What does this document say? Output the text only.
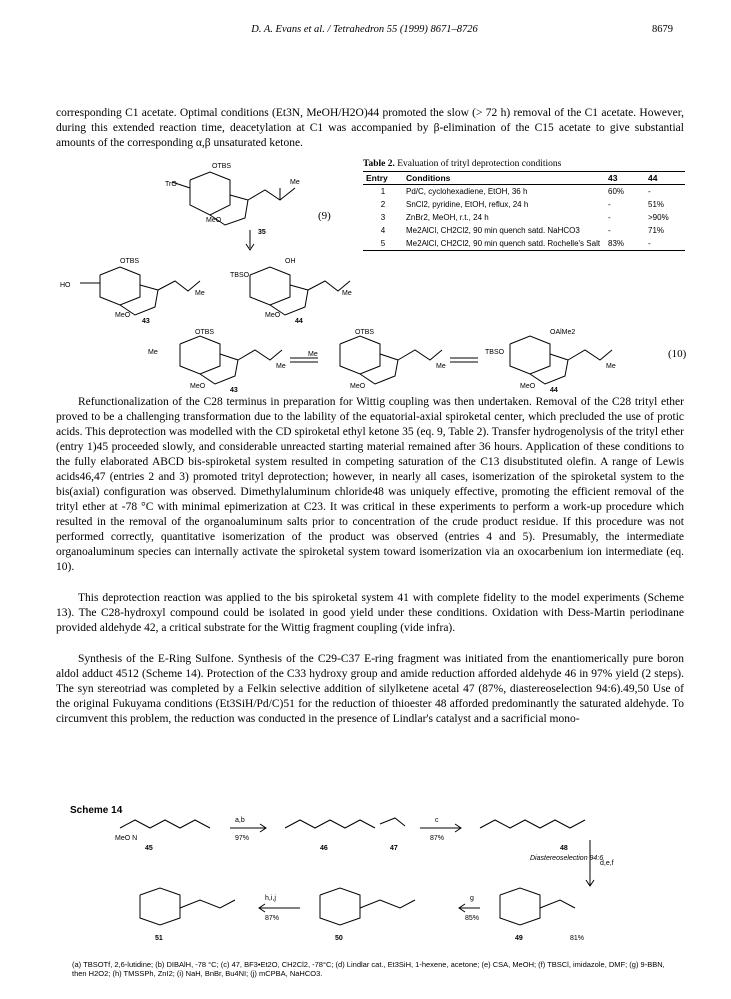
D. A. Evans et al. / Tetrahedron 55 (1999) 8671–8726	8679
corresponding C1 acetate. Optimal conditions (Et3N, MeOH/H2O)44 promoted the slow (> 72 h) removal of the C1 acetate. However, during this extended reaction time, deacetylation at C1 was accompanied by β-elimination of the C15 acetate to give substantial amounts of the corresponding α,β unsaturated ketone.
TrO
OTBS
MeO
Me
35
(9)
HO
OTBS
MeO
Me
43
TBSO
OH
MeO
Me
44
Table 2. Evaluation of trityl deprotection conditions
Entry	Conditions	43	44
1	Pd/C, cyclohexadiene, EtOH, 36 h	60%	-
2	SnCl2, pyridine, EtOH, reflux, 24 h	-	51%
3	ZnBr2, MeOH, r.t., 24 h	-	>90%
4	Me2AlCl, CH2Cl2, 90 min quench satd. NaHCO3	-	71%
5	Me2AlCl, CH2Cl2, 90 min quench satd. Rochelle's Salt	83%	-
Me
OTBS
MeO
Me
43
Me
OTBS
MeO
Me
TBSO
OAlMe2
MeO
Me
44
(10)
Refunctionalization of the C28 terminus in preparation for Wittig coupling was then undertaken. Removal of the C28 trityl ether proved to be a challenging transformation due to the lability of the equatorial-axial spiroketal center, which precluded the use of protic acids. This deprotection was modelled with the CD spiroketal ethyl ketone 35 (eq. 9, Table 2). Transfer hydrogenolysis of the trityl ether (entry 1)45 proceeded slowly, and considerable unreacted starting material remained after 36 hours. Application of these conditions to the fully elaborated ABCD bis-spiroketal system resulted in competing saturation of the C13 disubstituted olefin. A range of Lewis acids46,47 (entries 2 and 3) promoted trityl deprotection; however, in nearly all cases, isomerization of the spiroketal system to the bis(axial) configuration was observed. Dimethylaluminum chloride48 was uniquely effective, promoting the efficient removal of the trityl ether at -78 °C with minimal epimerization at C23. It was critical in these experiments to perform a work-up procedure which resulted in the removal of the organoaluminum salts prior to concentration of the crude product residue. If this procedure was not performed correctly, quantitative isomerization of the product was observed (entries 4 and 5). Presumably, the intermediate organoaluminum species can internally activate the spiroketal system toward isomerization via an oxocarbenium ion intermediate (eq. 10).
This deprotection reaction was applied to the bis spiroketal system 41 with complete fidelity to the model experiments (Scheme 13). The C28-hydroxyl compound could be isolated in good yield under these conditions. Oxidation with Dess-Martin periodinane provided aldehyde 42, a critical substrate for the Wittig fragment coupling (vide infra).
Synthesis of the E-Ring Sulfone. Synthesis of the C29-C37 E-ring fragment was initiated from the enantiomerically pure boron aldol adduct 4512 (Scheme 14). Protection of the C33 hydroxy group and amide reduction afforded aldehyde 46 in 97% yield (2 steps). The syn stereotriad was completed by a Felkin selective addition of silylketene acetal 47 (87%, diastereoselection 94:6).49,50 Use of the original Fukuyama conditions (Et3SiH/Pd/C)51 for the reduction of thioester 48 afforded predominantly the saturated aldehyde. To circumvent this problem, the reduction was conducted in the presence of Lindlar's catalyst and a sacrificial mono-
Scheme 14
MeO N
45
a,b
97%
46	47
c
87%
48
Diastereoselection 94:6
d,e,f
81%
49
g
85%
50
h,i,j
87%
51
(a) TBSOTf, 2,6-lutidine; (b) DIBAlH, -78 °C; (c) 47, BF3•Et2O, CH2Cl2, -78°C; (d) Lindlar cat., Et3SiH, 1-hexene, acetone; (e) CSA, MeOH; (f) TBSCl, imidazole, DMF; (g) 9-BBN, then H2O2; (h) TMSSPh, ZnI2; (i) NaH, BnBr, Bu4NI; (j) mCPBA, NaHCO3.
